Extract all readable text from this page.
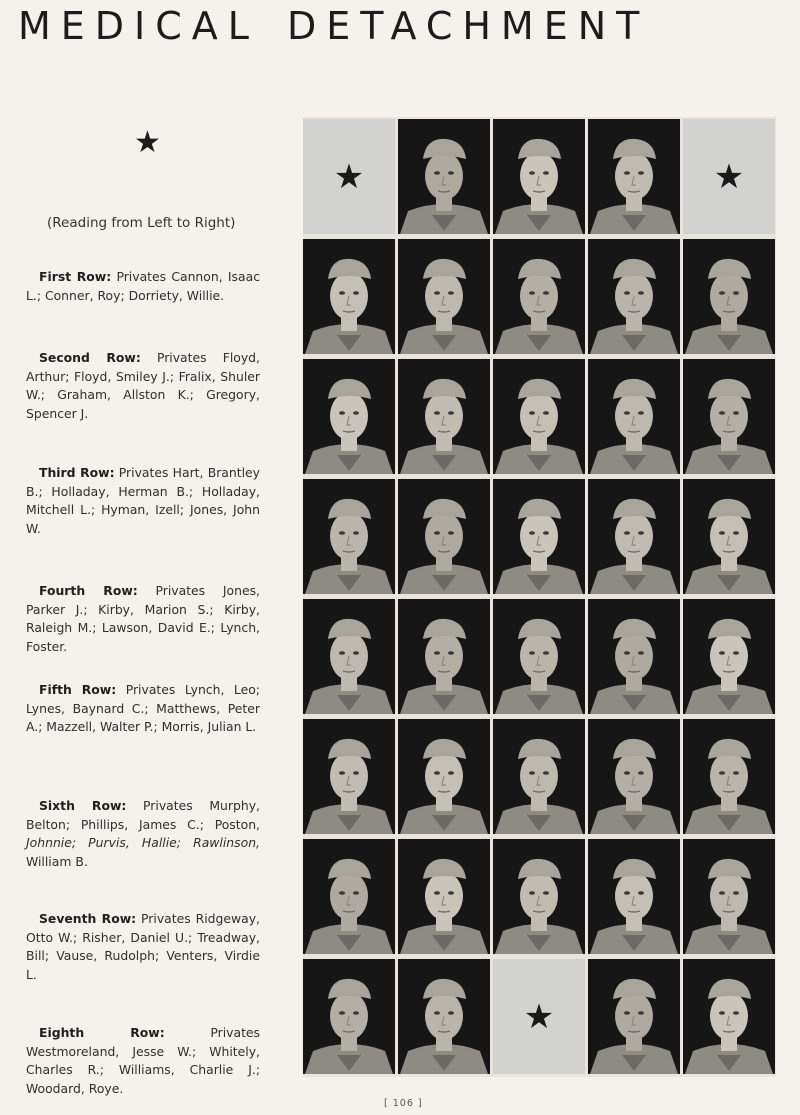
MEDICAL DETACHMENT
★
(Reading from Left to Right)

First Row: Privates Cannon, Isaac L.; Conner, Roy; Dorriety, Willie.

Second Row: Privates Floyd, Arthur; Floyd, Smiley J.; Fralix, Shuler W.; Graham, Allston K.; Gregory, Spencer J.

Third Row: Privates Hart, Brantley B.; Holladay, Herman B.; Holladay, Mitchell L.; Hyman, Izell; Jones, John W.

Fourth Row: Privates Jones, Parker J.; Kirby, Marion S.; Kirby, Raleigh M.; Lawson, David E.; Lynch, Foster.

Fifth Row: Privates Lynch, Leo; Lynes, Baynard C.; Matthews, Peter A.; Mazzell, Walter P.; Morris, Julian L.

Sixth Row: Privates Murphy, Belton; Phillips, James C.; Poston, Johnnie; Purvis, Hallie; Rawlinson, William B.

Seventh Row: Privates Ridgeway, Otto W.; Risher, Daniel U.; Treadway, Bill; Vause, Rudolph; Venters, Virdie L.

Eighth Row: Privates Westmoreland, Jesse W.; Whitely, Charles R.; Williams, Charlie J.; Woodard, Roye.

★	★
★
[ 106 ]
